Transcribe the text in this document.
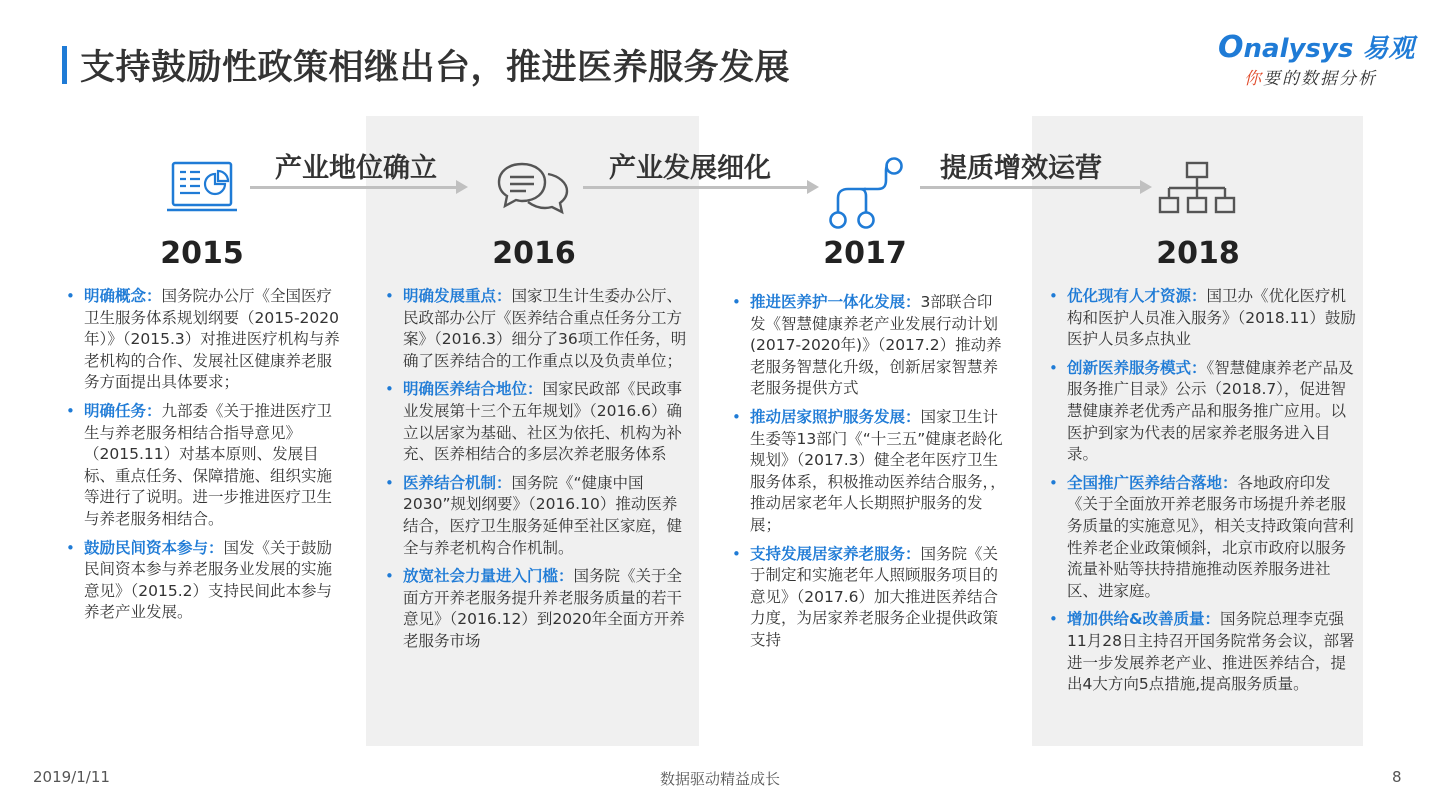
支持鼓励性政策相继出台，推进医养服务发展
Onalysys 易观
你要的数据分析
产业地位确立	产业发展细化	提质增效运营
2015	2016	2017	2018
• 明确概念：国务院办公厅《全国医疗卫生服务体系规划纲要（2015-2020年）》（2015.3）对推进医疗机构与养老机构的合作、发展社区健康养老服务方面提出具体要求；
• 明确任务：九部委《关于推进医疗卫生与养老服务相结合指导意见》（2015.11）对基本原则、发展目标、重点任务、保障措施、组织实施等进行了说明。进一步推进医疗卫生与养老服务相结合。
• 鼓励民间资本参与：国发《关于鼓励民间资本参与养老服务业发展的实施意见》（2015.2）支持民间此本参与养老产业发展。
• 明确发展重点：国家卫生计生委办公厅、民政部办公厅《医养结合重点任务分工方案》（2016.3）细分了36项工作任务，明确了医养结合的工作重点以及负责单位；
• 明确医养结合地位：国家民政部《民政事业发展第十三个五年规划》（2016.6）确立以居家为基础、社区为依托、机构为补充、医养相结合的多层次养老服务体系
• 医养结合机制：国务院《“健康中国2030”规划纲要》（2016.10）推动医养结合，医疗卫生服务延伸至社区家庭，健全与养老机构合作机制。
• 放宽社会力量进入门槛：国务院《关于全面方开养老服务提升养老服务质量的若干意见》（2016.12）到2020年全面方开养老服务市场
• 推进医养护一体化发展：3部联合印发《智慧健康养老产业发展行动计划(2017-2020年)》（2017.2）推动养老服务智慧化升级，创新居家智慧养老服务提供方式
• 推动居家照护服务发展：国家卫生计生委等13部门《“十三五”健康老龄化规划》（2017.3）健全老年医疗卫生服务体系，积极推动医养结合服务，，推动居家老年人长期照护服务的发展；
• 支持发展居家养老服务：国务院《关于制定和实施老年人照顾服务项目的意见》（2017.6）加大推进医养结合力度，为居家养老服务企业提供政策支持
• 优化现有人才资源：国卫办《优化医疗机构和医护人员准入服务》（2018.11）鼓励医护人员多点执业
• 创新医养服务模式：《智慧健康养老产品及服务推广目录》公示（2018.7），促进智慧健康养老优秀产品和服务推广应用。以医护到家为代表的居家养老服务进入目录。
• 全国推广医养结合落地：各地政府印发《关于全面放开养老服务市场提升养老服务质量的实施意见》，相关支持政策向营利性养老企业政策倾斜，北京市政府以服务流量补贴等扶持措施推动医养服务进社区、进家庭。
• 增加供给&改善质量：国务院总理李克强11月28日主持召开国务院常务会议，部署进一步发展养老产业、推进医养结合，提出4大方向5点措施,提高服务质量。
2019/1/11	数据驱动精益成长	8
